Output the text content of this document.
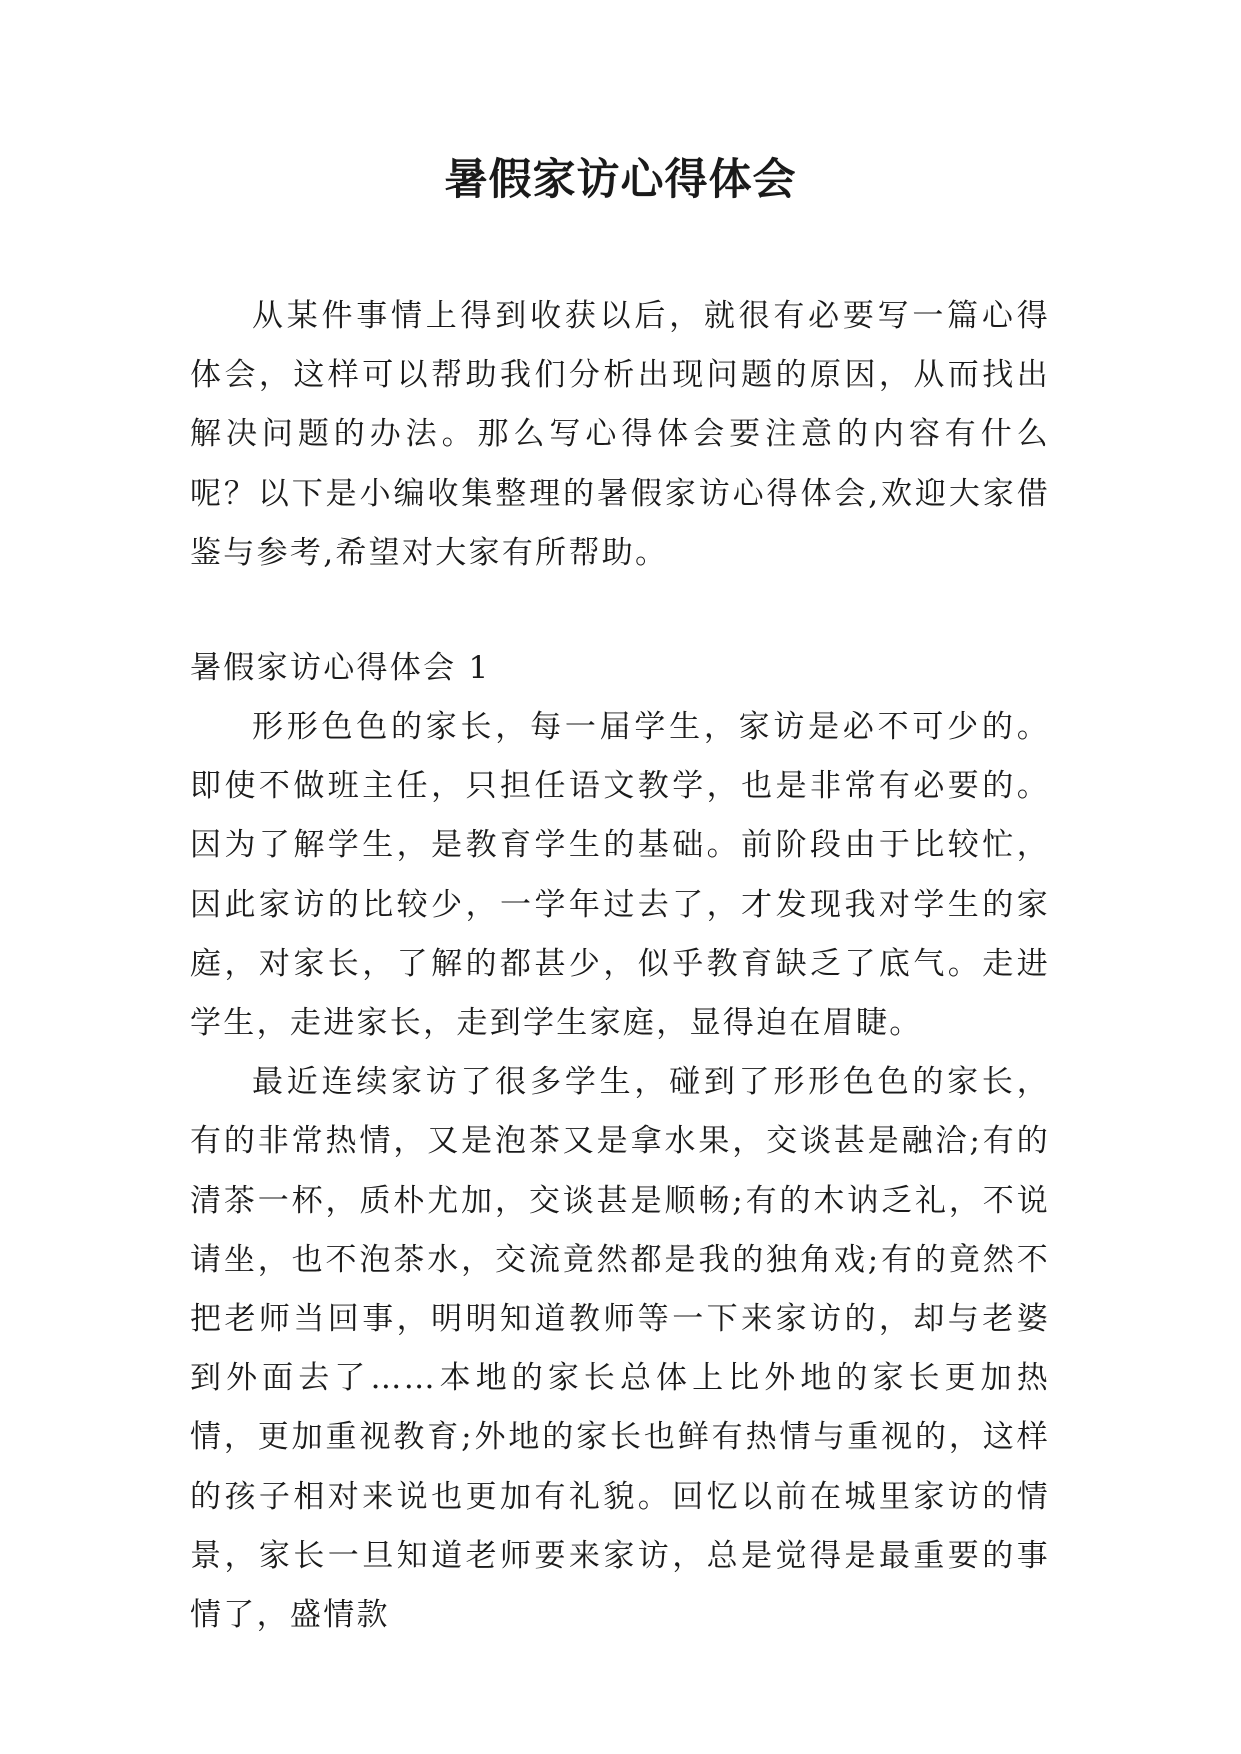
暑假家访心得体会

从某件事情上得到收获以后，就很有必要写一篇心得体会，这样可以帮助我们分析出现问题的原因，从而找出解决问题的办法。那么写心得体会要注意的内容有什么呢？以下是小编收集整理的暑假家访心得体会,欢迎大家借鉴与参考,希望对大家有所帮助。

暑假家访心得体会 1

形形色色的家长，每一届学生，家访是必不可少的。即使不做班主任，只担任语文教学，也是非常有必要的。因为了解学生，是教育学生的基础。前阶段由于比较忙，因此家访的比较少，一学年过去了，才发现我对学生的家庭，对家长，了解的都甚少，似乎教育缺乏了底气。走进学生，走进家长，走到学生家庭，显得迫在眉睫。

最近连续家访了很多学生，碰到了形形色色的家长，有的非常热情，又是泡茶又是拿水果，交谈甚是融洽;有的清茶一杯，质朴尤加，交谈甚是顺畅;有的木讷乏礼，不说请坐，也不泡茶水，交流竟然都是我的独角戏;有的竟然不把老师当回事，明明知道教师等一下来家访的，却与老婆到外面去了……本地的家长总体上比外地的家长更加热情，更加重视教育;外地的家长也鲜有热情与重视的，这样的孩子相对来说也更加有礼貌。回忆以前在城里家访的情景，家长一旦知道老师要来家访，总是觉得是最重要的事情了，盛情款
